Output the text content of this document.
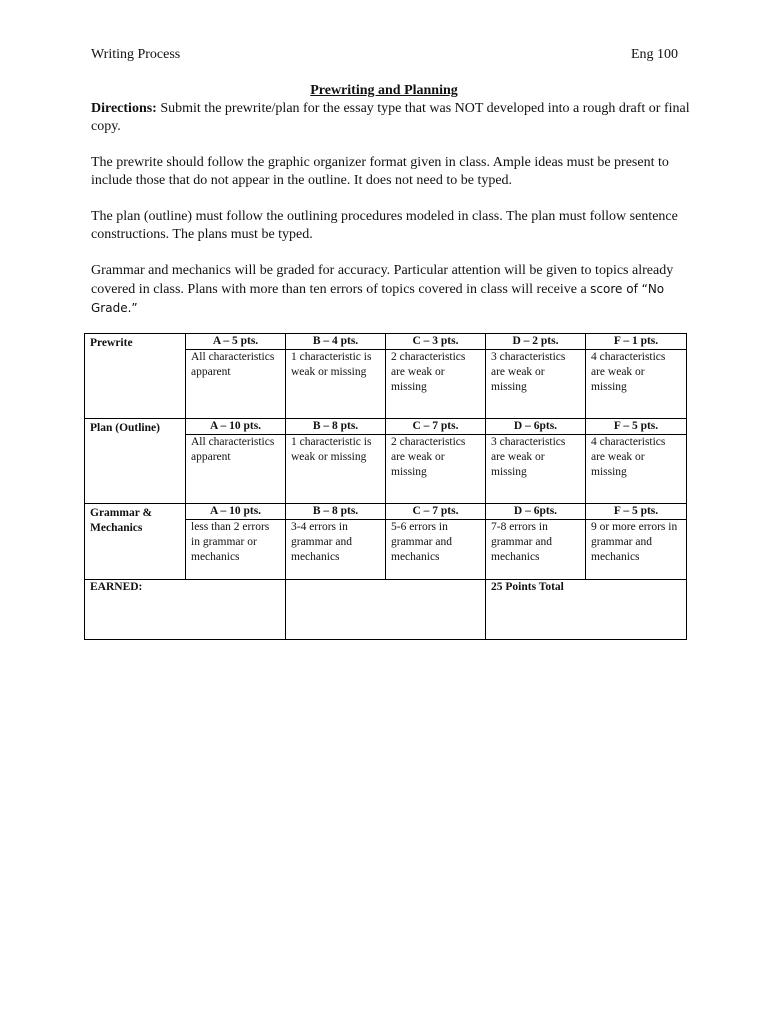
Writing Process	Eng 100
Prewriting and Planning
Directions: Submit the prewrite/plan for the essay type that was NOT developed into a rough draft or final copy.
The prewrite should follow the graphic organizer format given in class. Ample ideas must be present to include those that do not appear in the outline. It does not need to be typed.
The plan (outline) must follow the outlining procedures modeled in class. The plan must follow sentence constructions. The plans must be typed.
Grammar and mechanics will be graded for accuracy. Particular attention will be given to topics already covered in class. Plans with more than ten errors of topics covered in class will receive a score of “No Grade.”
Prewrite	A – 5 pts.	B – 4 pts.	C – 3 pts.	D – 2 pts.	F – 1 pts.
	All characteristics apparent	1 characteristic is weak or missing	2 characteristics are weak or missing	3 characteristics are weak or missing	4 characteristics are weak or missing
Plan (Outline)	A – 10 pts.	B – 8 pts.	C – 7 pts.	D – 6pts.	F – 5 pts.
	All characteristics apparent	1 characteristic is weak or missing	2 characteristics are weak or missing	3 characteristics are weak or missing	4 characteristics are weak or missing
Grammar & Mechanics	A – 10 pts.	B – 8 pts.	C – 7 pts.	D – 6pts.	F – 5 pts.
	less than 2 errors in grammar or mechanics	3-4 errors in grammar and mechanics	5-6 errors in grammar and mechanics	7-8 errors in grammar and mechanics	9 or more errors in grammar and mechanics
EARNED:				25 Points Total	
